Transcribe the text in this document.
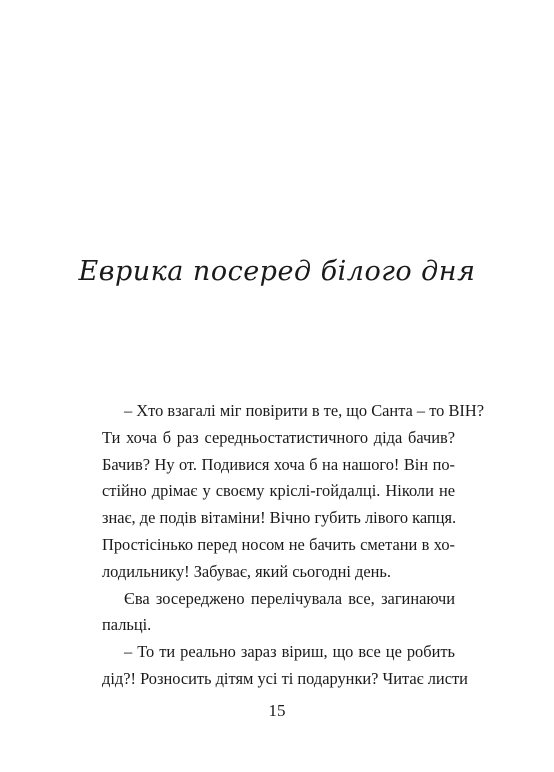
Еврика посеред білого дня
– Хто взагалі міг повірити в те, що Санта – то ВІН?
Ти хоча б раз середньостатистичного діда бачив?
Бачив? Ну от. Подивися хоча б на нашого! Він по-
стійно дрімає у своєму кріслі-гойдалці. Ніколи не
знає, де подів вітаміни! Вічно губить лівого капця.
Простісінько перед носом не бачить сметани в хо-
лодильнику! Забуває, який сьогодні день.
Єва зосереджено перелічувала все, загинаючи
пальці.
– То ти реально зараз віриш, що все це робить
дід?! Розносить дітям усі ті подарунки? Читає листи
15
